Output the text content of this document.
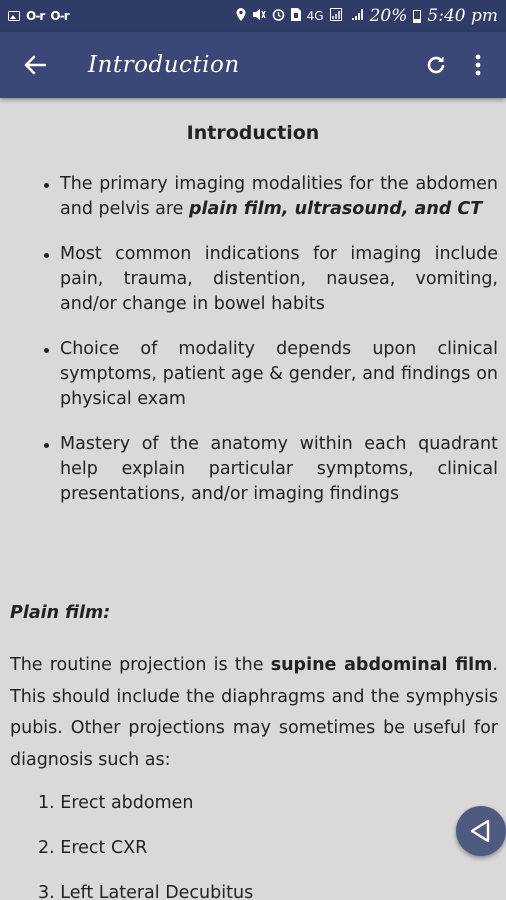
O-r O-r	4G	20% 5:40 pm
Introduction
Introduction
The primary imaging modalities for the abdomen and pelvis are plain film, ultrasound, and CT
Most common indications for imaging include pain, trauma, distention, nausea, vomiting, and/or change in bowel habits
Choice of modality depends upon clinical symptoms, patient age & gender, and findings on physical exam
Mastery of the anatomy within each quadrant help explain particular symptoms, clinical presentations, and/or imaging findings
Plain film:
The routine projection is the supine abdominal film. This should include the diaphragms and the symphysis pubis. Other projections may sometimes be useful for diagnosis such as:
1. Erect abdomen
2. Erect CXR
3. Left Lateral Decubitus
